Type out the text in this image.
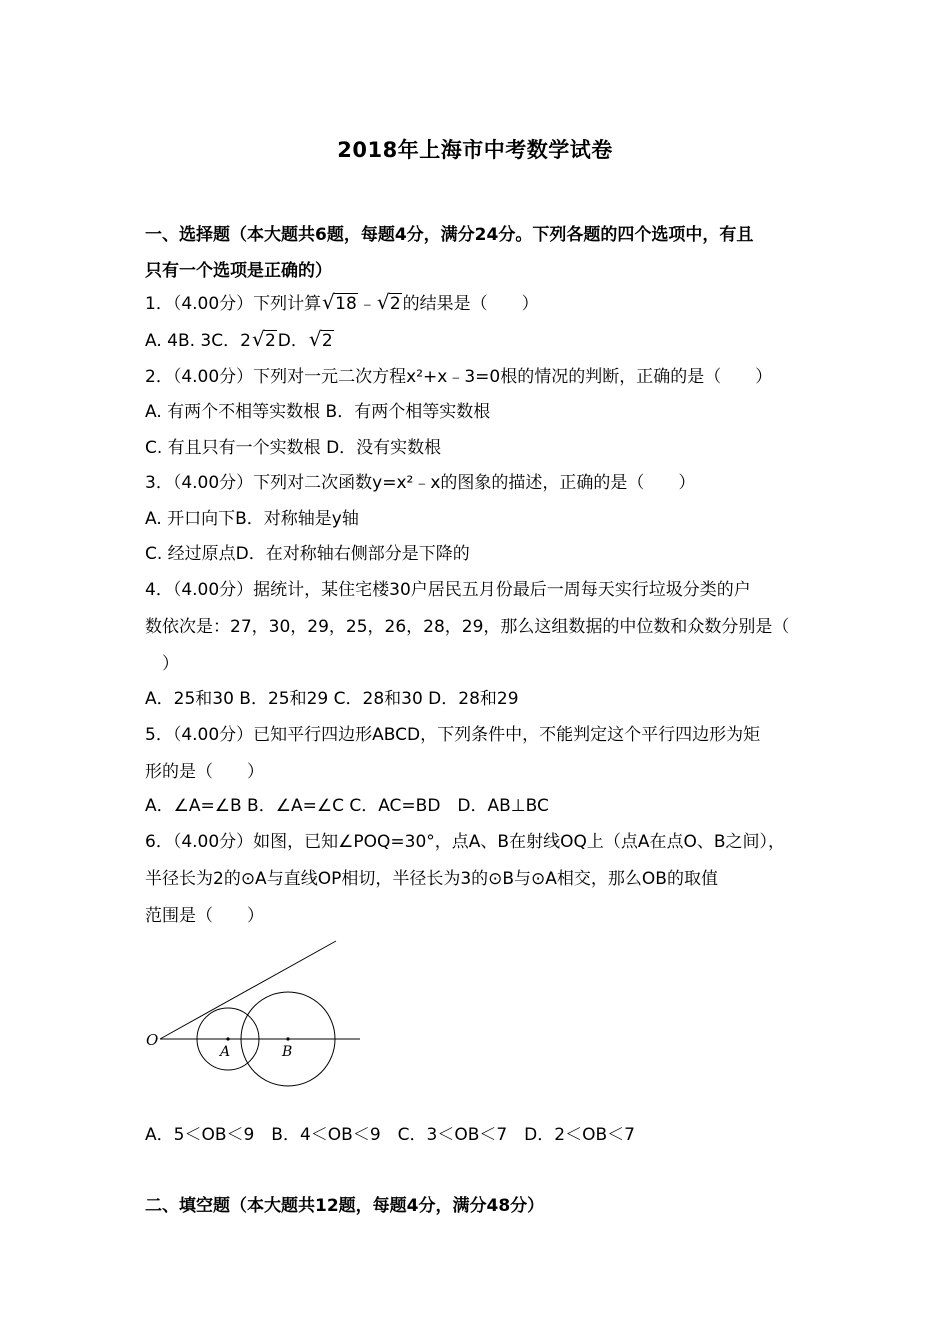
2018年上海市中考数学试卷
一、选择题（本大题共6题，每题4分，满分24分。下列各题的四个选项中，有且
只有一个选项是正确的）
1．（4.00分）下列计算 √ 18 ﹣ √ 2 的结果是（　　）
A. 4B. 3C．2 √ 2 D． √ 2
2．（4.00分）下列对一元二次方程x²+x﹣3=0根的情况的判断，正确的是（　　）
A. 有两个不相等实数根 B．有两个相等实数根
C. 有且只有一个实数根 D．没有实数根
3．（4.00分）下列对二次函数y=x²﹣x的图象的描述，正确的是（　　）
A. 开口向下B．对称轴是y轴
C. 经过原点D．在对称轴右侧部分是下降的
4．（4.00分）据统计，某住宅楼30户居民五月份最后一周每天实行垃圾分类的户
数依次是：27，30，29，25，26，28，29，那么这组数据的中位数和众数分别是（
　）
A．25和30 B．25和29 C．28和30 D．28和29
5．（4.00分）已知平行四边形ABCD，下列条件中，不能判定这个平行四边形为矩
形的是（　　）
A．∠A=∠B B．∠A=∠C C．AC=BD　D．AB⊥BC
6．（4.00分）如图，已知∠POQ=30°，点A、B在射线OQ上（点A在点O、B之间），
半径长为2的⊙A与直线OP相切，半径长为3的⊙B与⊙A相交，那么OB的取值
范围是（　　）
O
A	B
A．5＜OB＜9　B．4＜OB＜9　C．3＜OB＜7　D．2＜OB＜7
二、填空题（本大题共12题，每题4分，满分48分）
